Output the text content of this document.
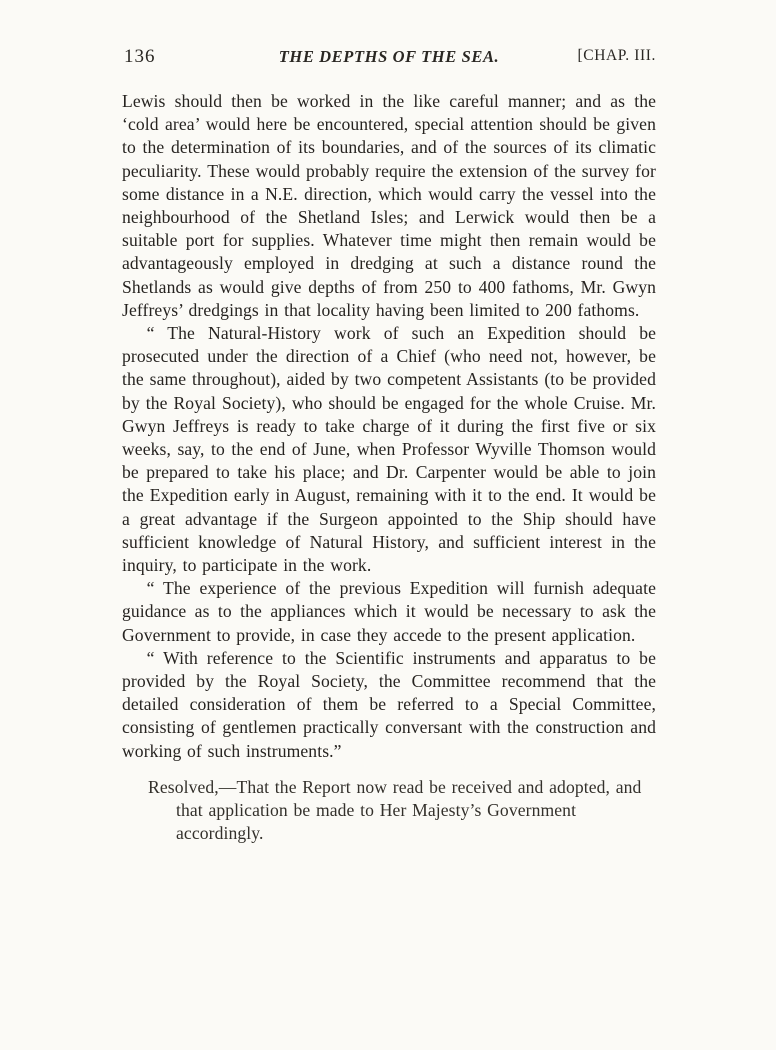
136	THE DEPTHS OF THE SEA.	[CHAP. III.

Lewis should then be worked in the like careful manner; and as the ‘cold area’ would here be encountered, special attention should be given to the determination of its boundaries, and of the sources of its climatic peculiarity. These would probably require the extension of the survey for some distance in a N.E. direction, which would carry the vessel into the neighbourhood of the Shetland Isles; and Lerwick would then be a suitable port for supplies. Whatever time might then remain would be advantageously employed in dredging at such a distance round the Shetlands as would give depths of from 250 to 400 fathoms, Mr. Gwyn Jeffreys’ dredgings in that locality having been limited to 200 fathoms.

“ The Natural-History work of such an Expedition should be prosecuted under the direction of a Chief (who need not, however, be the same throughout), aided by two competent Assistants (to be provided by the Royal Society), who should be engaged for the whole Cruise. Mr. Gwyn Jeffreys is ready to take charge of it during the first five or six weeks, say, to the end of June, when Professor Wyville Thomson would be prepared to take his place; and Dr. Carpenter would be able to join the Expedition early in August, remaining with it to the end. It would be a great advantage if the Surgeon appointed to the Ship should have sufficient knowledge of Natural History, and sufficient interest in the inquiry, to participate in the work.

“ The experience of the previous Expedition will furnish adequate guidance as to the appliances which it would be necessary to ask the Government to provide, in case they accede to the present application.

“ With reference to the Scientific instruments and apparatus to be provided by the Royal Society, the Committee recommend that the detailed consideration of them be referred to a Special Committee, consisting of gentlemen practically conversant with the construction and working of such instruments.”

Resolved,—That the Report now read be received and adopted, and that application be made to Her Majesty’s Government accordingly.
